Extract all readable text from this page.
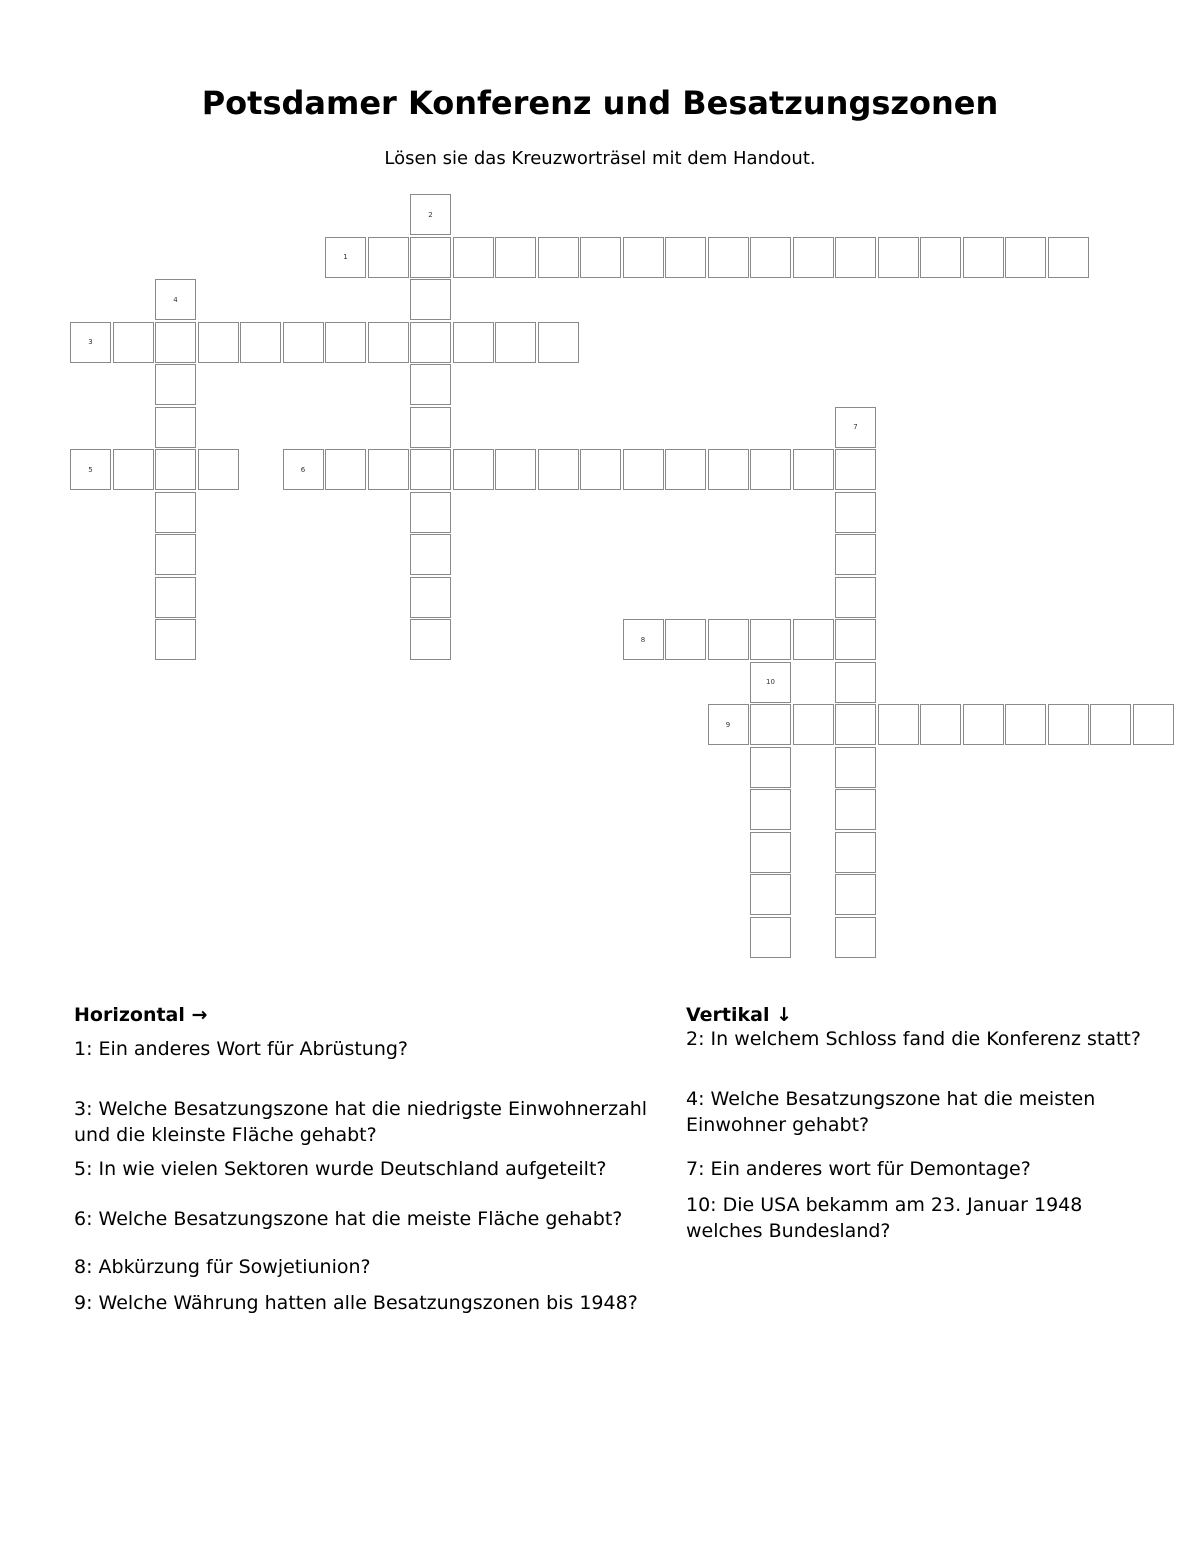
Potsdamer Konferenz und Besatzungszonen
Lösen sie das Kreuzworträsel mit dem Handout.
1
2
3
4
5	6
7
8
9
10
Horizontal →
1: Ein anderes Wort für Abrüstung?
3: Welche Besatzungszone hat die niedrigste Einwohnerzahl und die kleinste Fläche gehabt?
5: In wie vielen Sektoren wurde Deutschland aufgeteilt?
6: Welche Besatzungszone hat die meiste Fläche gehabt?
8: Abkürzung für Sowjetiunion?
9: Welche Währung hatten alle Besatzungszonen bis 1948?
Vertikal ↓
2: In welchem Schloss fand die Konferenz statt?
4: Welche Besatzungszone hat die meisten Einwohner gehabt?
7: Ein anderes wort für Demontage?
10: Die USA bekamm am 23. Januar 1948 welches Bundesland?
